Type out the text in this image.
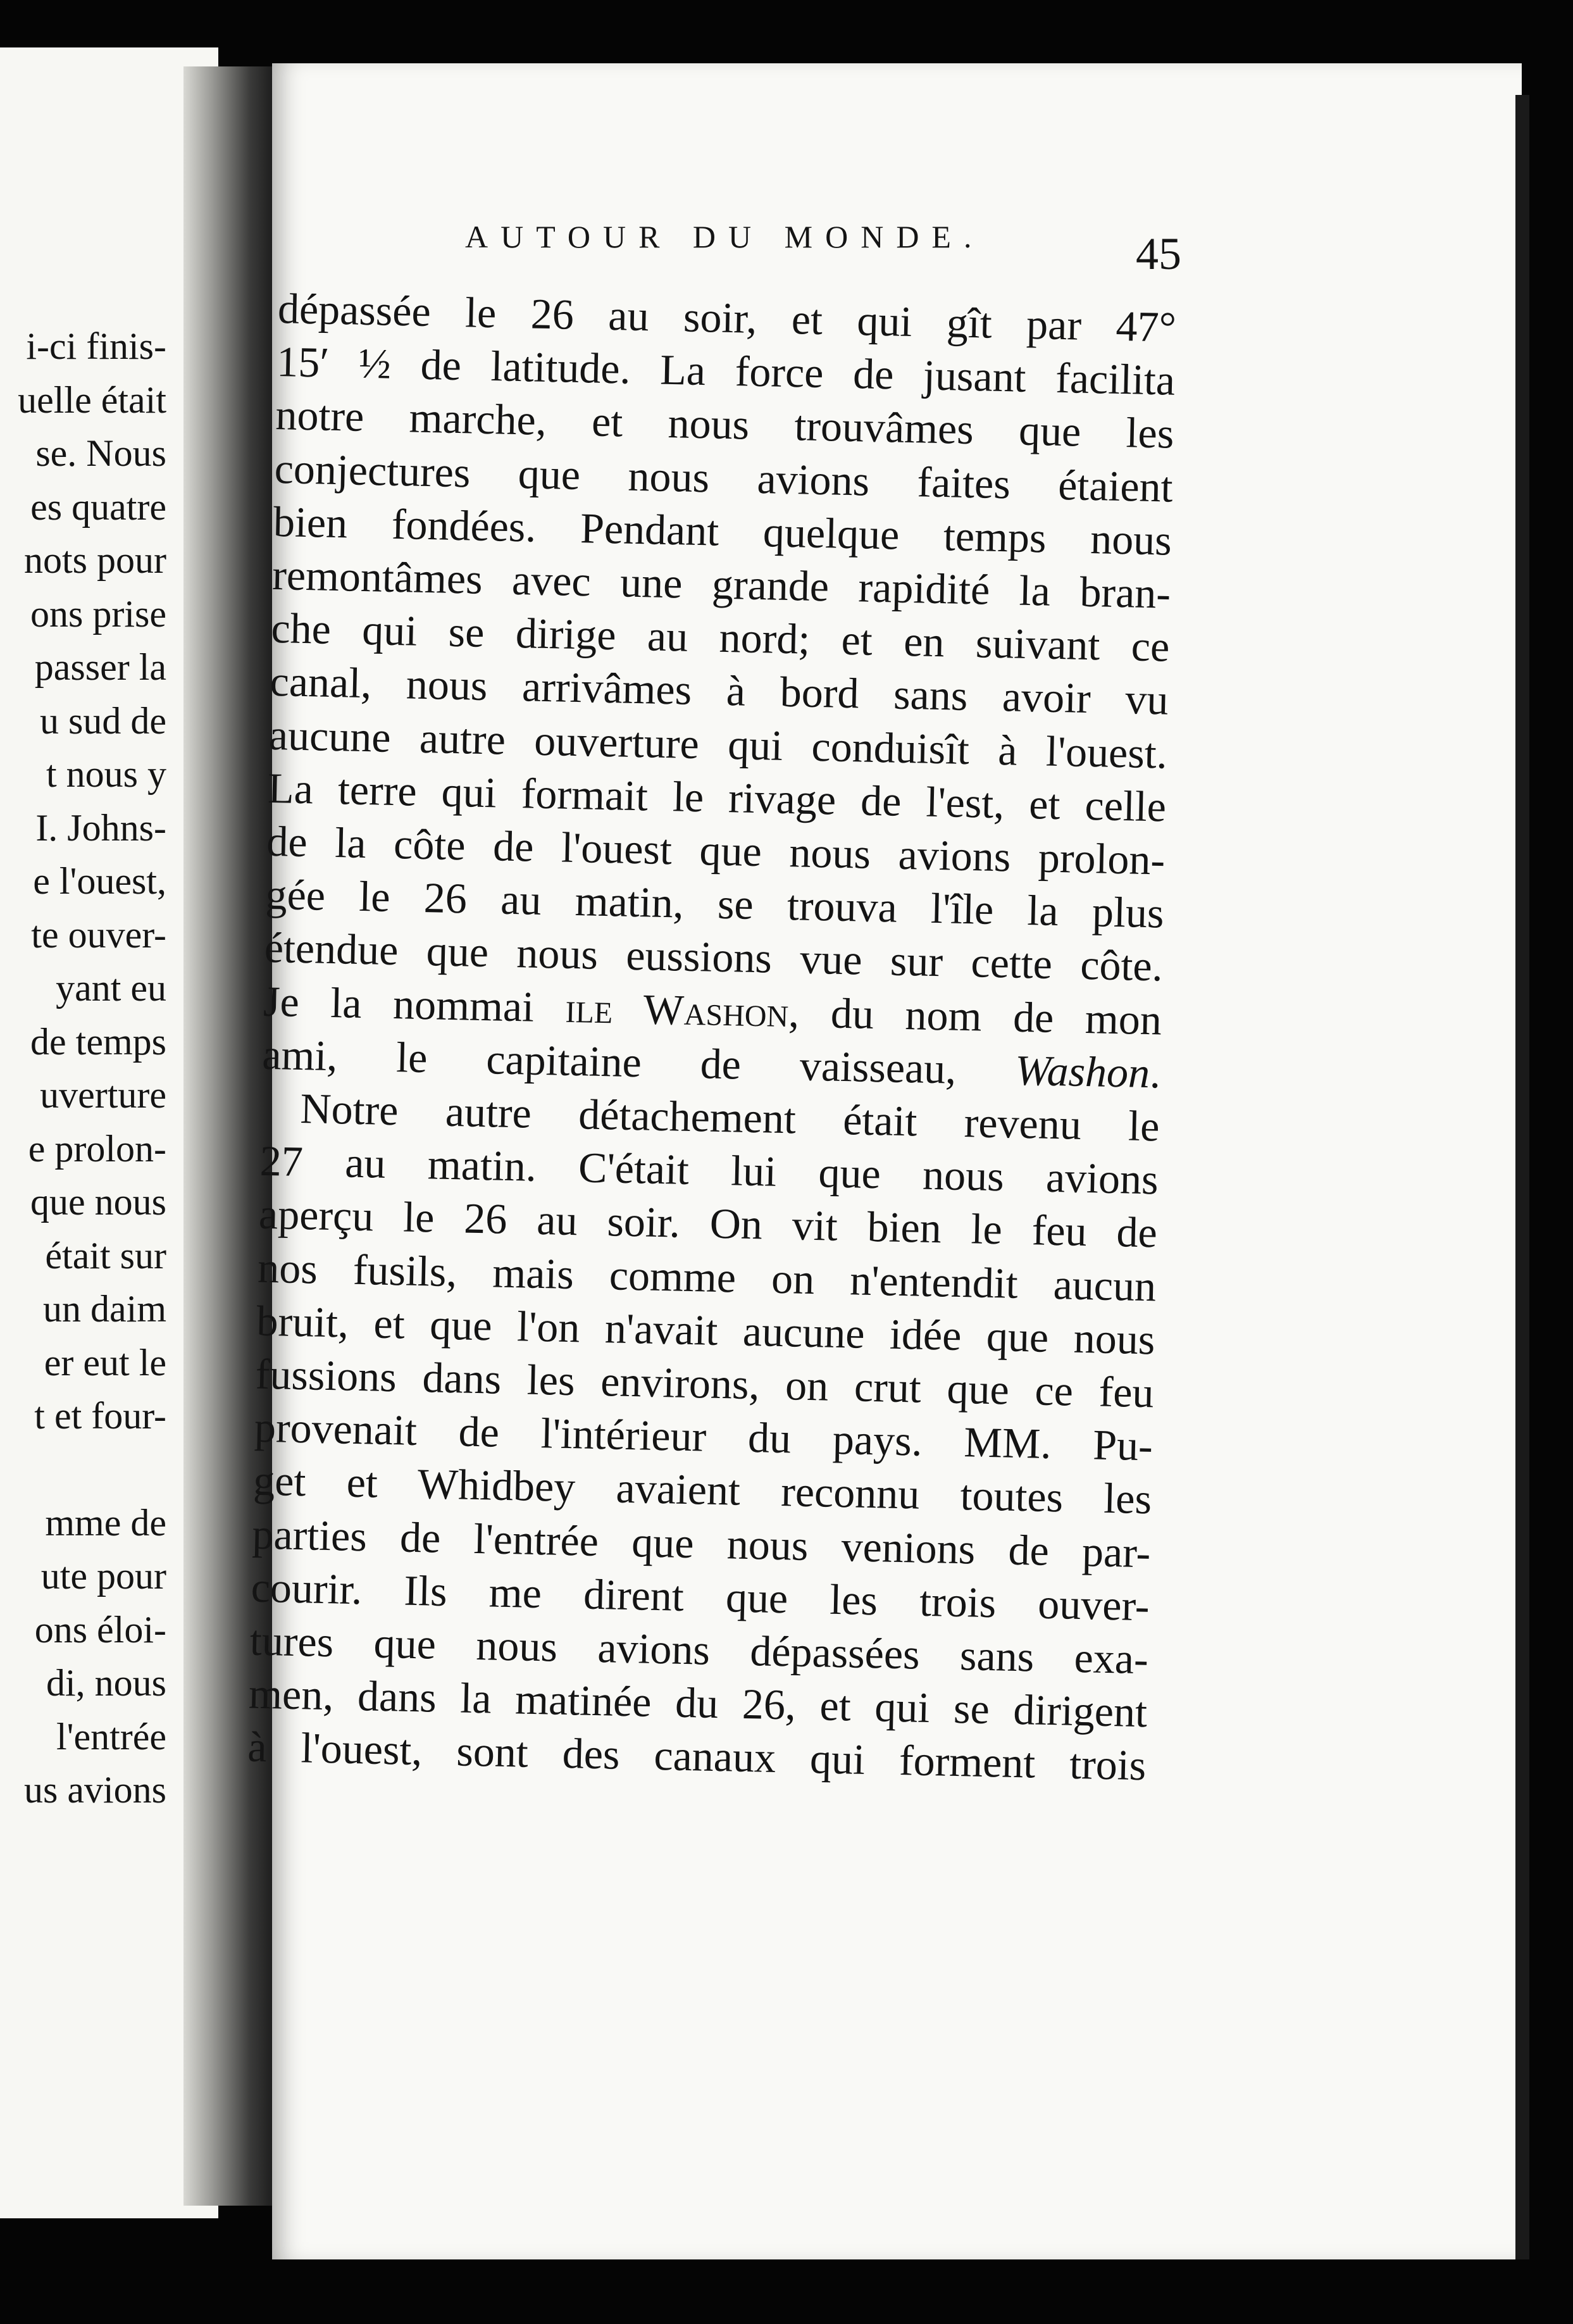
i-ci finis-
uelle était
se. Nous
es quatre
nots pour
ons prise
passer la
u sud de
t nous y
I. Johns-
e l'ouest,
te ouver-
yant eu
de temps
uverture
e prolon-
que nous
était sur
un daim
er eut le
t et four-
mme de
ute pour
ons éloi-
di, nous
l'entrée
us avions
AUTOUR DU MONDE.	45
dépassée le 26 au soir, et qui gît par 47°
15′ ½ de latitude. La force de jusant facilita
notre marche, et nous trouvâmes que les
conjectures que nous avions faites étaient
bien fondées. Pendant quelque temps nous
remontâmes avec une grande rapidité la bran-
che qui se dirige au nord; et en suivant ce
canal, nous arrivâmes à bord sans avoir vu
aucune autre ouverture qui conduisît à l'ouest.
La terre qui formait le rivage de l'est, et celle
de la côte de l'ouest que nous avions prolon-
gée le 26 au matin, se trouva l'île la plus
étendue que nous eussions vue sur cette côte.
Je la nommai ile Washon, du nom de mon
ami, le capitaine de vaisseau, Washon.
Notre autre détachement était revenu le
27 au matin. C'était lui que nous avions
aperçu le 26 au soir. On vit bien le feu de
nos fusils, mais comme on n'entendit aucun
bruit, et que l'on n'avait aucune idée que nous
fussions dans les environs, on crut que ce feu
provenait de l'intérieur du pays. MM. Pu-
get et Whidbey avaient reconnu toutes les
parties de l'entrée que nous venions de par-
courir. Ils me dirent que les trois ouver-
tures que nous avions dépassées sans exa-
men, dans la matinée du 26, et qui se dirigent
à l'ouest, sont des canaux qui forment trois
